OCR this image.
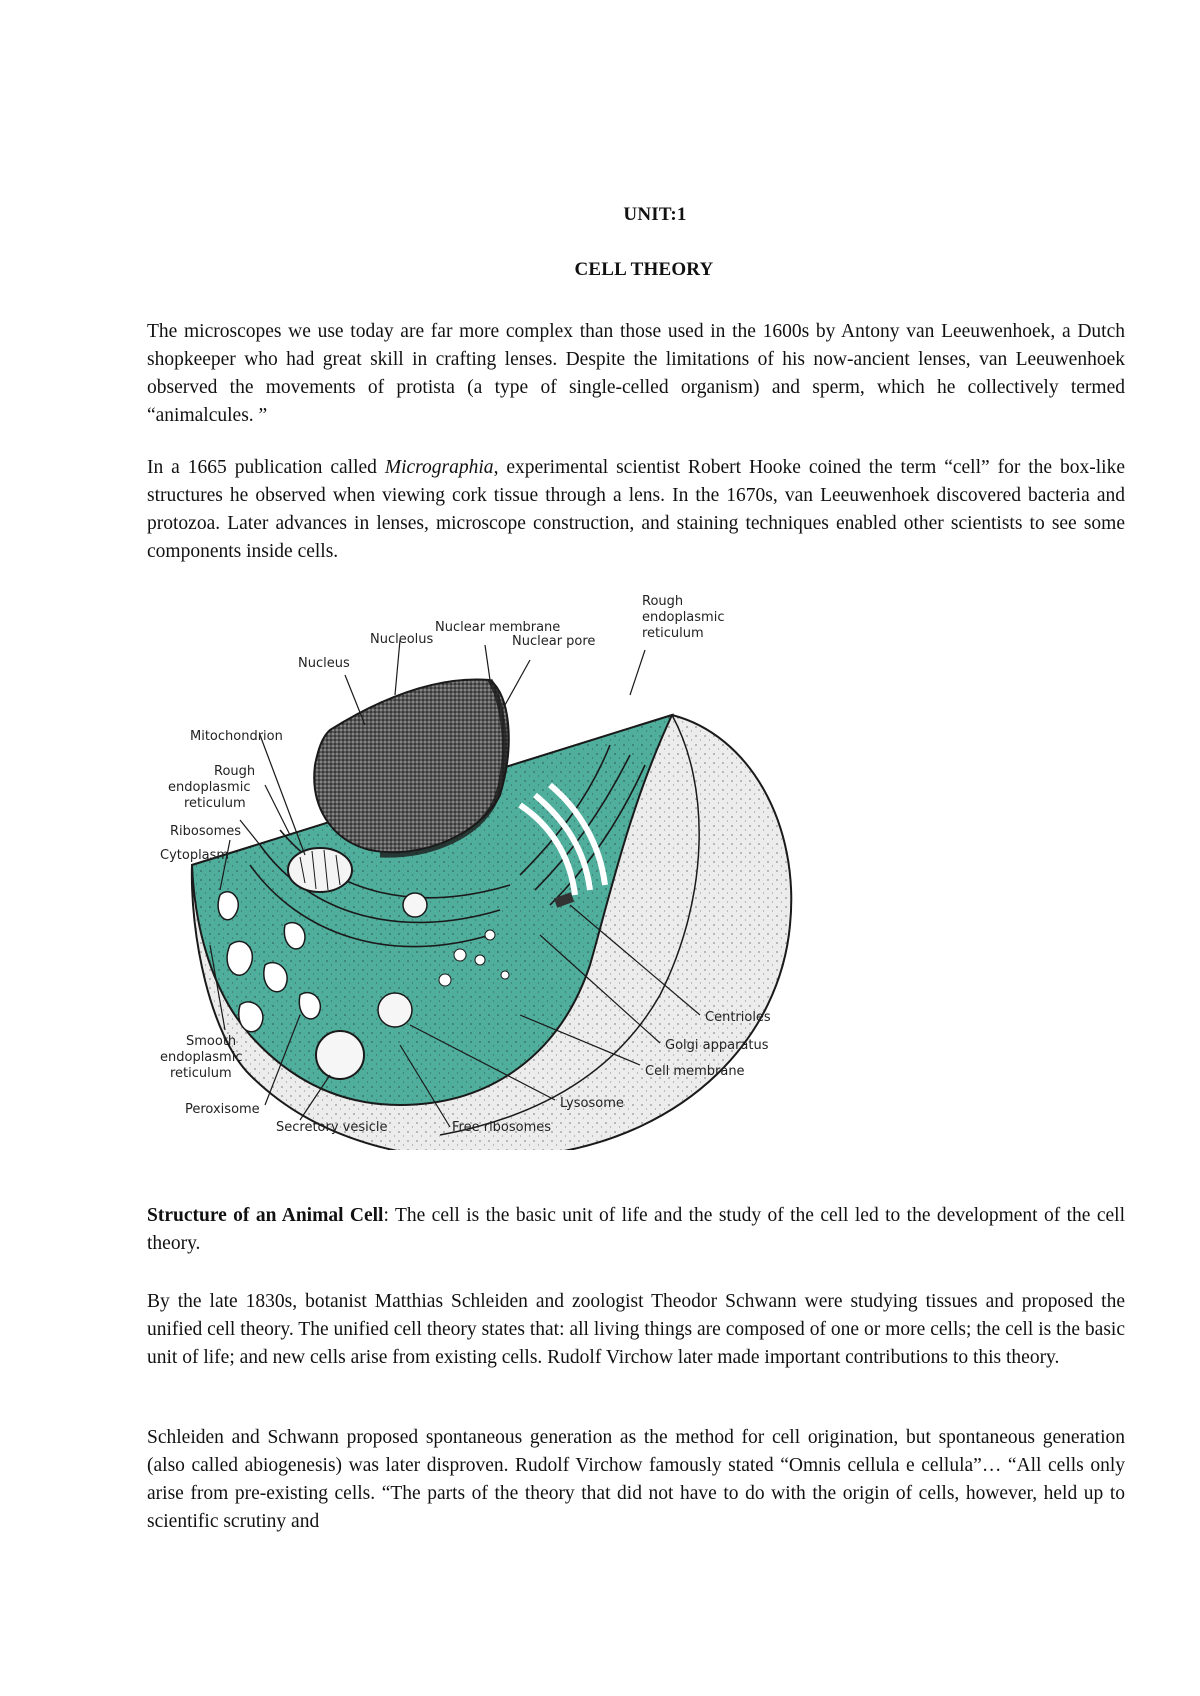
UNIT:1
CELL THEORY

The microscopes we use today are far more complex than those used in the 1600s by Antony van Leeuwenhoek, a Dutch shopkeeper who had great skill in crafting lenses. Despite the limitations of his now-ancient lenses, van Leeuwenhoek observed the movements of protista (a type of single-celled organism) and sperm, which he collectively termed “animalcules. ”

In a 1665 publication called Micrographia, experimental scientist Robert Hooke coined the term “cell” for the box-like structures he observed when viewing cork tissue through a lens. In the 1670s, van Leeuwenhoek discovered bacteria and protozoa. Later advances in lenses, microscope construction, and staining techniques enabled other scientists to see some components inside cells.

Nuclear membrane
Nucleolus	Nuclear pore
Rough
endoplasmic
reticulum
Nucleus
Mitochondrion
Rough
endoplasmic
reticulum
Ribosomes
Cytoplasm
Centrioles
Golgi apparatus
Cell membrane
Lysosome
Smooth
endoplasmic
reticulum
Peroxisome
Secretory vesicle	Free ribosomes

Structure of an Animal Cell: The cell is the basic unit of life and the study of the cell led to the development of the cell theory.

By the late 1830s, botanist Matthias Schleiden and zoologist Theodor Schwann were studying tissues and proposed the unified cell theory. The unified cell theory states that: all living things are composed of one or more cells; the cell is the basic unit of life; and new cells arise from existing cells. Rudolf Virchow later made important contributions to this theory.

Schleiden and Schwann proposed spontaneous generation as the method for cell origination, but spontaneous generation (also called abiogenesis) was later disproven. Rudolf Virchow famously stated “Omnis cellula e cellula”… “All cells only arise from pre-existing cells. “The parts of the theory that did not have to do with the origin of cells, however, held up to scientific scrutiny and
